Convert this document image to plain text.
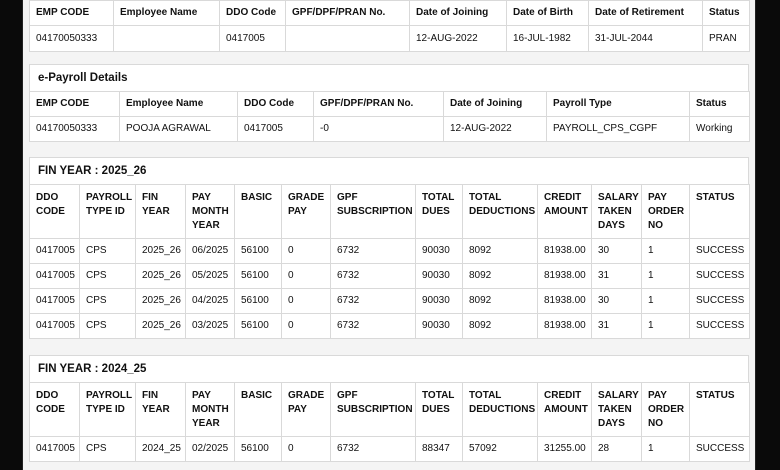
EMP CODE	Employee Name	DDO Code	GPF/DPF/PRAN No.	Date of Joining	Date of Birth	Date of Retirement	Status
04170050333		0417005		12-AUG-2022	16-JUL-1982	31-JUL-2044	PRAN
e-Payroll Details
EMP CODE	Employee Name	DDO Code	GPF/DPF/PRAN No.	Date of Joining	Payroll Type	Status
04170050333	POOJA AGRAWAL	0417005	-0	12-AUG-2022	PAYROLL_CPS_CGPF	Working
FIN YEAR : 2025_26
DDO CODE	PAYROLL TYPE ID	FIN YEAR	PAY MONTH YEAR	BASIC	GRADE PAY	GPF SUBSCRIPTION	TOTAL DUES	TOTAL DEDUCTIONS	CREDIT AMOUNT	SALARY TAKEN DAYS	PAY ORDER NO	STATUS
0417005	CPS	2025_26	06/2025	56100	0	6732	90030	8092	81938.00	30	1	SUCCESS
0417005	CPS	2025_26	05/2025	56100	0	6732	90030	8092	81938.00	31	1	SUCCESS
0417005	CPS	2025_26	04/2025	56100	0	6732	90030	8092	81938.00	30	1	SUCCESS
0417005	CPS	2025_26	03/2025	56100	0	6732	90030	8092	81938.00	31	1	SUCCESS
FIN YEAR : 2024_25
DDO CODE	PAYROLL TYPE ID	FIN YEAR	PAY MONTH YEAR	BASIC	GRADE PAY	GPF SUBSCRIPTION	TOTAL DUES	TOTAL DEDUCTIONS	CREDIT AMOUNT	SALARY TAKEN DAYS	PAY ORDER NO	STATUS
0417005	CPS	2024_25	02/2025	56100	0	6732	88347	57092	31255.00	28	1	SUCCESS
